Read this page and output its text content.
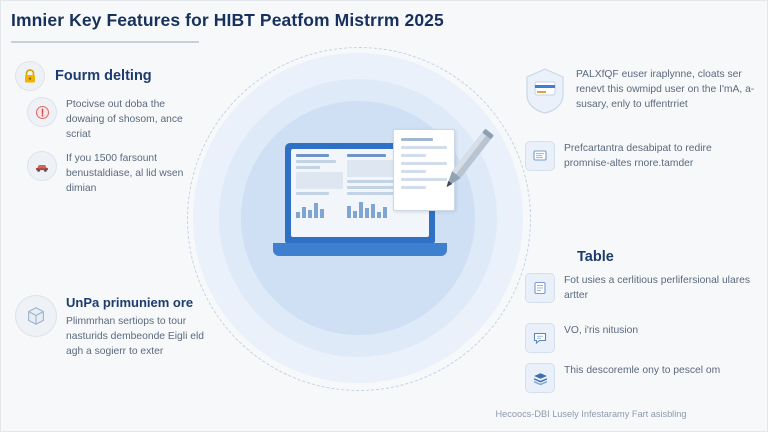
Imnier Key Features for HIBT Peatfom Mistrrm 2025
Fourm delting
Ptocivse out doba the dowaing of shosom, ance scriat
If you 1500 farsount benustaldiase, al lid wsen dimian
UnPa primuniem ore
Plimmrhan sertiops to tour nasturids dembeonde Eigli eld agh a sogierr to exter
PALXfQF euser iraplynne, cloats ser renevt this owmipd user on the I'mA, a-susary, enly to uffentrriet
Prefcartantra desabipat to redire promnise-altes rnore.tamder
Table
Fot usies a cerlitious perlifersional ulares artter
VO, i'ris nitusion
This descoremle ony to pescel om
Hecoocs-DBI Lusely Infestaramy Fart asisbling
